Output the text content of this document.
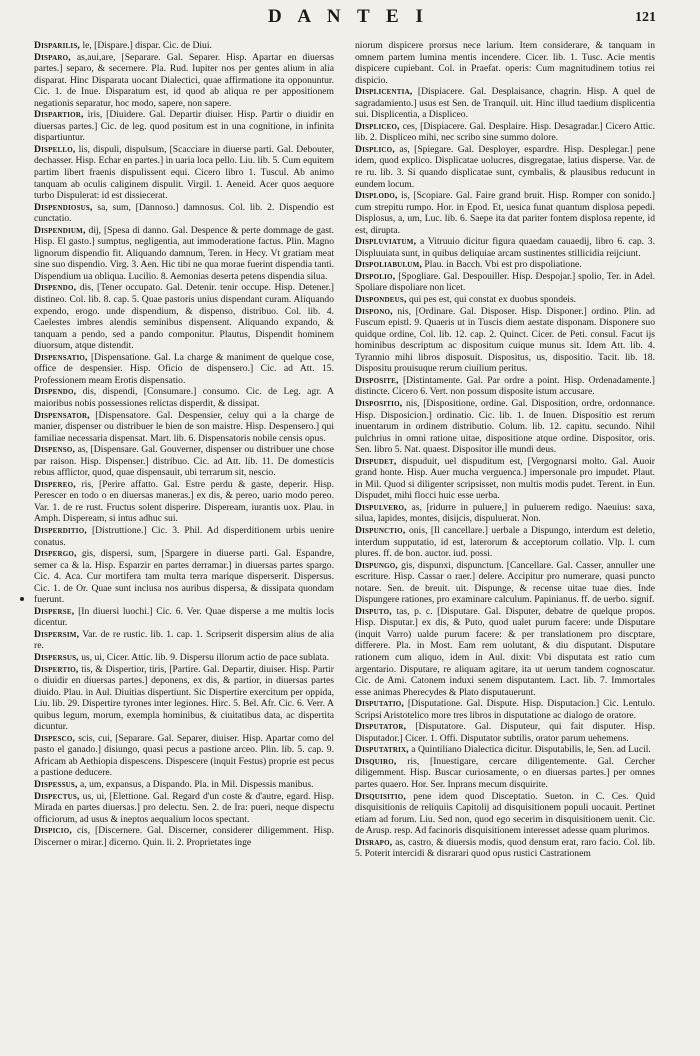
D A N T E I	121

Disparilis, le, [Dispare.] dispar. Cic. de Diui.

Disparo, as,aui,are, [Separare. Gal. Separer. Hisp. Apartar en diuersas partes.] separo, & secernere. Pla. Rud. Iupiter nos per gentes alium in alia disparat. Hinc Disparata uocant Dialectici, quae affirmatione ita opponuntur. Cic. 1. de Inue. Disparatum est, id quod ab aliqua re per appositionem negationis separatur, hoc modo, sapere, non sapere.

Dispartior, iris, [Diuidere. Gal. Departir diuiser. Hisp. Partir o diuidir en diuersas partes.] Cic. de leg. quod positum est in una cognitione, in infinita dispartiuntur.

Dispello, lis, dispuli, dispulsum, [Scacciare in diuerse parti. Gal. Debouter, dechasser. Hisp. Echar en partes.] in uaria loca pello. Liu. lib. 5. Cum equitem partim libert fraenis dispulissent equi. Cicero libro 1. Tuscul. Ab animo tanquam ab oculis caliginem dispulit. Virgil. 1. Aeneid. Acer quos aequore turbo Dispulerat: id est dissiecerat.

Dispendiosus, sa, sum, [Dannoso.] damnosus. Col. lib. 2. Dispendio est cunctatio.

Dispendium, dij, [Spesa di danno. Gal. Despence & perte dommage de gast. Hisp. El gasto.] sumptus, negligentia, aut immoderatione factus. Plin. Magno lignorum dispendio fit. Aliquando damnum, Teren. in Hecy. Vt gratiam meat sine suo dispendio. Virg. 3. Aen. Hic tibi ne qua morae fuerint dispendia tanti. Dispendium ua obliqua. Lucilio. 8. Aemonias deserta petens dispendia silua.

Dispendo, dis, [Tener occupato. Gal. Detenir. tenir occupe. Hisp. Detener.] distineo. Col. lib. 8. cap. 5. Quae pastoris unius dispendant curam. Aliquando expendo, erogo. unde dispendium, & dispenso, distribuo. Col. lib. 4. Caelestes imbres alendis seminibus dispensent. Aliquando expando, & tanquam a pendo, sed a pando componitur. Plautus, Dispendit hominem diuorsum, atque distendit.

Dispensatio, [Dispensatione. Gal. La charge & maniment de quelque cose, office de despensier. Hisp. Oficio de dispensero.] Cic. ad Att. 15. Professionem meam Erotis dispensatio.

Dispendo, dis, dispendi, [Consumare.] consumo. Cic. de Leg. agr. A maioribus nobis possessiones relictas disperdit, & dissipat.

Dispensator, [Dispensatore. Gal. Despensier, celuy qui a la charge de manier, dispenser ou distribuer le bien de son maistre. Hisp. Despensero.] qui familiae necessaria dispensat. Mart. lib. 6. Dispensatoris nobile censis opus.

Dispenso, as, [Dispensare. Gal. Gouverner, dispenser ou distribuer une chose par raison. Hisp. Dispenser.] distribuo. Cic. ad Att. lib. 11. De domesticis rebus afflictor, quod, quae dispensauit, ubi terrarum sit, nescio.

Dispereo, ris, [Perire affatto. Gal. Estre perdu & gaste, deperir. Hisp. Perescer en todo o en diuersas maneras.] ex dis, & pereo, uario modo pereo. Var. 1. de re rust. Fructus solent disperire. Dispeream, iurantis uox. Plau. in Amph. Dispeream, si intus adhuc sui.

Disperditio, [Distruttione.] Cic. 3. Phil. Ad disperditionem urbis uenire conatus.

Dispergo, gis, dispersi, sum, [Spargere in diuerse parti. Gal. Espandre, semer ca & la. Hisp. Esparzir en partes derramar.] in diuersas partes spargo. Cic. 4. Aca. Cur mortifera tam multa terra marique disperserit. Dispersus. Cic. 1. de Or. Quae sunt inclusa nos auribus dispersa, & dissipata quondam fuerunt.

Disperse, [In diuersi luochi.] Cic. 6. Ver. Quae disperse a me multis locis dicentur.

Dispersim, Var. de re rustic. lib. 1. cap. 1. Scripserit dispersim alius de alia re.

Dispersus, us, ui, Cicer. Attic. lib. 9. Dispersu illorum actio de pace sublata.

Dispertio, tis, & Dispertior, tiris, [Partire. Gal. Departir, diuiser. Hisp. Partir o diuidir en diuersas partes.] deponens, ex dis, & partior, in diuersas partes diuido. Plau. in Aul. Diuitias dispertiunt. Sic Dispertire exercitum per oppida, Liu. lib. 29. Dispertire tyrones inter legiones. Hirc. 5. Bel. Afr. Cic. 6. Verr. A quibus legum, morum, exempla hominibus, & ciuitatibus data, ac dispertita dicuntur.

Dispesco, scis, cui, [Separare. Gal. Separer, diuiser. Hisp. Apartar como del pasto el ganado.] disiungo, quasi pecus a pastione arceo. Plin. lib. 5. cap. 9. Africam ab Aethiopia dispescens. Dispescere (inquit Festus) proprie est pecus a pastione deducere.

Dispessus, a, um, expansus, a Dispando. Pla. in Mil. Dispessis manibus.

Dispectus, us, ui, [Elettione. Gal. Regard d'un coste & d'autre, egard. Hisp. Mirada en partes diuersas.] pro delectu. Sen. 2. de Ira: pueri, neque dispectu officiorum, ad usus & ineptos aequalium locos spectant.

Dispicio, cis, [Discernere. Gal. Discerner, considerer diligemment. Hisp. Discerner o mirar.] dicerno. Quin. li. 2. Proprietates inge

niorum dispicere prorsus nece larium. Item considerare, & tanquam in omnem partem lumina mentis incendere. Cicer. lib. 1. Tusc. Acie mentis dispicere cupiebant. Col. in Praefat. operis: Cum magnitudinem totius rei dispicio.

Displicentia, [Dispiacere. Gal. Desplaisance, chagrin. Hisp. A quel de sagradamiento.] usus est Sen. de Tranquil. uit. Hinc illud taedium displicentia sui. Displicentia, a Displiceo.

Displiceo, ces, [Dispiacere. Gal. Desplaire. Hisp. Desagradar.] Cicero Attic. lib. 2. Displiceo mihi, nec scribo sine summo dolore.

Displico, as, [Spiegare. Gal. Desployer, espardre. Hisp. Desplegar.] pene idem, quod explico. Displicatae uolucres, disgregatae, latius disperse. Var. de re ru. lib. 3. Si quando displicatae sunt, cymbalis, & plausibus reducunt in eundem locum.

Displodo, is, [Scopiare. Gal. Faire grand bruit. Hisp. Romper con sonido.] cum strepitu rumpo. Hor. in Epod. Et, uesica funat quantum displosa pepedi. Displosus, a, um, Luc. lib. 6. Saepe ita dat pariter fontem displosa repente, id est, dirupta.

Displuviatum, a Vitruuio dicitur figura quaedam cauaedij, libro 6. cap. 3. Displuuiata sunt, in quibus deliquiae arcam sustinentes stillicidia reijciunt.

Dispoliabulum, Plau. in Bacch. Vbi est pro dispoliatione.

Dispolio, [Spogliare. Gal. Despouiller. Hisp. Despojar.] spolio, Ter. in Adel. Spoliare dispoliare non licet.

Dispondeus, qui pes est, qui constat ex duobus spondeis.

Dispono, nis, [Ordinare. Gal. Disposer. Hisp. Disponer.] ordino. Plin. ad Fuscum epistl. 9. Quaeris ut in Tuscis diem aestate disponam. Disponere suo quidque ordine, Col. lib. 12. cap. 2. Quinct. Cicer. de Peti. consul. Facut ijs hominibus descriptum ac dispositum cuique munus sit. Idem Att. lib. 4. Tyrannio mihi libros disposuit. Dispositus, us, dispositio. Tacit. lib. 18. Dispositu prouisuque rerum ciuilium peritus.

Disposite, [Distintamente. Gal. Par ordre a point. Hisp. Ordenadamente.] distincte. Cicero 6. Vert. non possum disposite istum accusare.

Dispositio, nis, [Dispositione, ordine. Gal. Disposition, ordre, ordonnance. Hisp. Disposicion.] ordinatio. Cic. lib. 1. de Inuen. Dispositio est rerum inuentarum in ordinem distributio. Colum. lib. 12. capitu. secundo. Nihil pulchrius in omni ratione uitae, dispositione atque ordine. Dispositor, oris. Sen. libro 5. Nat. quaest. Dispositor ille mundi deus.

Dispudet, dispuduit, uel dispuditum est, [Vergognarsi molto. Gal. Auoir grand honte. Hisp. Auer mucha verguenca.] impersonale pro impudet. Plaut. in Mil. Quod si diligenter scripsisset, non multis modis pudet. Terent. in Eun. Dispudet, mihi flocci huic esse uerba.

Dispulvero, as, [ridurre in puluere,] in puluerem redigo. Naeuius: saxa, silua, lapides, montes, disijcis, dispuluerat. Non.

Dispunctio, onis, [Il cancellare.] uerbale a Dispungo, interdum est deletio, interdum supputatio, id est, laterorum & acceptorum collatio. Vlp. l. cum plures. ff. de bon. auctor. iud. possi.

Dispungo, gis, dispunxi, dispunctum. [Cancellare. Gal. Casser, annuller une escriture. Hisp. Cassar o raer.] delere. Accipitur pro numerare, quasi puncto notare. Sen. de breuit. uit. Dispunge, & recense uitae tuae dies. Inde Dispungere rationes, pro examinare calculum. Papinianus. ff. de uerbo. signif.

Disputo, tas, p. c. [Disputare. Gal. Disputer, debatre de quelque propos. Hisp. Disputar.] ex dis, & Puto, quod ualet purum facere: unde Disputare (inquit Varro) ualde purum facere: & per translationem pro discptare, differere. Pla. in Most. Eam rem uolutant, & diu disputant. Disputare rationem cum aliquo, idem in Aul. dixit: Vbi disputata est ratio cum argentario. Disputare, re aliquam agitare, ita ut uerum tandem cognoscatur. Cic. de Ami. Catonem induxi senem disputantem. Lact. lib. 7. Immortales esse animas Pherecydes & Plato disputauerunt.

Disputatio, [Disputatione. Gal. Dispute. Hisp. Disputacion.] Cic. Lentulo. Scripsi Aristotelico more tres libros in disputatione ac dialogo de oratore.

Disputator, [Disputatore. Gal. Disputeur, qui fait disputer. Hisp. Disputador.] Cicer. 1. Offi. Disputator subtilis, orator parum uehemens.

Disputatrix, a Quintiliano Dialectica dicitur. Disputabilis, le, Sen. ad Lucil.

Disquiro, ris, [Inuestigare, cercare diligentemente. Gal. Cercher diligemment. Hisp. Buscar curiosamente, o en diuersas partes.] per omnes partes quaero. Hor. Ser. Inprans mecum disquirite.

Disquisitio, pene idem quod Disceptatio. Sueton. in C. Ces. Quid disquisitionis de reliquiis Capitolij ad disquisitionem populi uocauit. Pertinet etiam ad forum. Liu. Sed non, quod ego secerim in disquisitionem uenit. Cic. de Arusp. resp. Ad facinoris disquisitionem interesset adesse quam plurimos.

Disrapo, as, castro, & diuersis modis, quod densum erat, raro facio. Col. lib. 5. Poterit intercidi & disrarari quod opus rustici Castrationem
